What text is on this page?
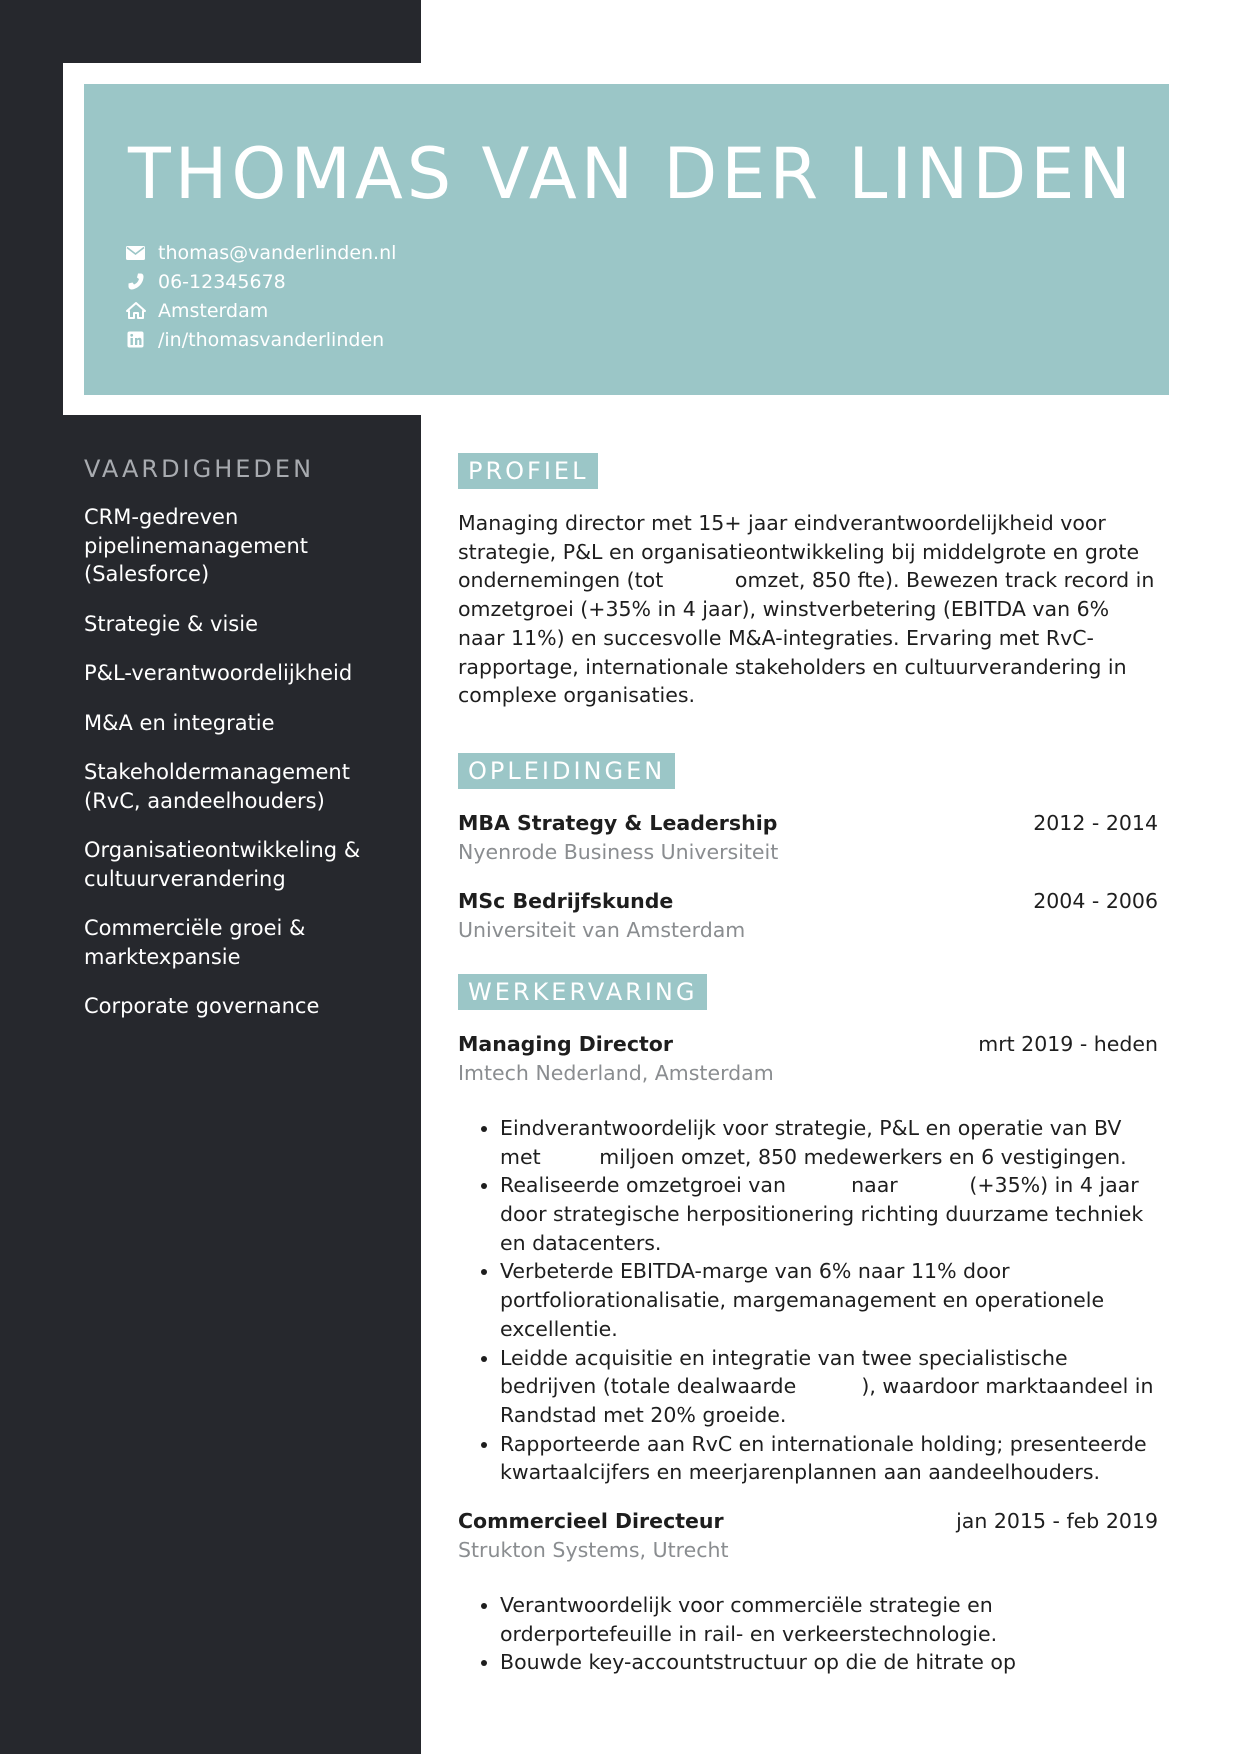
THOMAS VAN DER LINDEN
thomas@vanderlinden.nl
06-12345678
Amsterdam
/in/thomasvanderlinden
VAARDIGHEDEN

CRM-gedreven pipelinemanagement (Salesforce)

Strategie & visie

P&L-verantwoordelijkheid

M&A en integratie

Stakeholdermanagement (RvC, aandeelhouders)

Organisatieontwikkeling & cultuurverandering

Commerciële groei & marktexpansie

Corporate governance

PROFIEL

Managing director met 15+ jaar eindverantwoordelijkheid voor strategie, P&L en organisatieontwikkeling bij middelgrote en grote ondernemingen (tot           omzet, 850 fte). Bewezen track record in omzetgroei (+35% in 4 jaar), winstverbetering (EBITDA van 6% naar 11%) en succesvolle M&A-integraties. Ervaring met RvC-rapportage, internationale stakeholders en cultuurverandering in complexe organisaties.

OPLEIDINGEN
MBA Strategy & Leadership	2012 - 2014
Nyenrode Business Universiteit
MSc Bedrijfskunde	2004 - 2006
Universiteit van Amsterdam
WERKERVARING
Managing Director	mrt 2019 - heden
Imtech Nederland, Amsterdam
• Eindverantwoordelijk voor strategie, P&L en operatie van BV met         miljoen omzet, 850 medewerkers en 6 vestigingen.
• Realiseerde omzetgroei van          naar           (+35%) in 4 jaar door strategische herpositionering richting duurzame techniek en datacenters.
• Verbeterde EBITDA-marge van 6% naar 11% door portfoliorationalisatie, margemanagement en operationele excellentie.
• Leidde acquisitie en integratie van twee specialistische bedrijven (totale dealwaarde          ), waardoor marktaandeel in Randstad met 20% groeide.
• Rapporteerde aan RvC en internationale holding; presenteerde kwartaalcijfers en meerjarenplannen aan aandeelhouders.
Commercieel Directeur	jan 2015 - feb 2019
Strukton Systems, Utrecht
• Verantwoordelijk voor commerciële strategie en orderportefeuille in rail- en verkeerstechnologie.
• Bouwde key-accountstructuur op die de hitrate op
